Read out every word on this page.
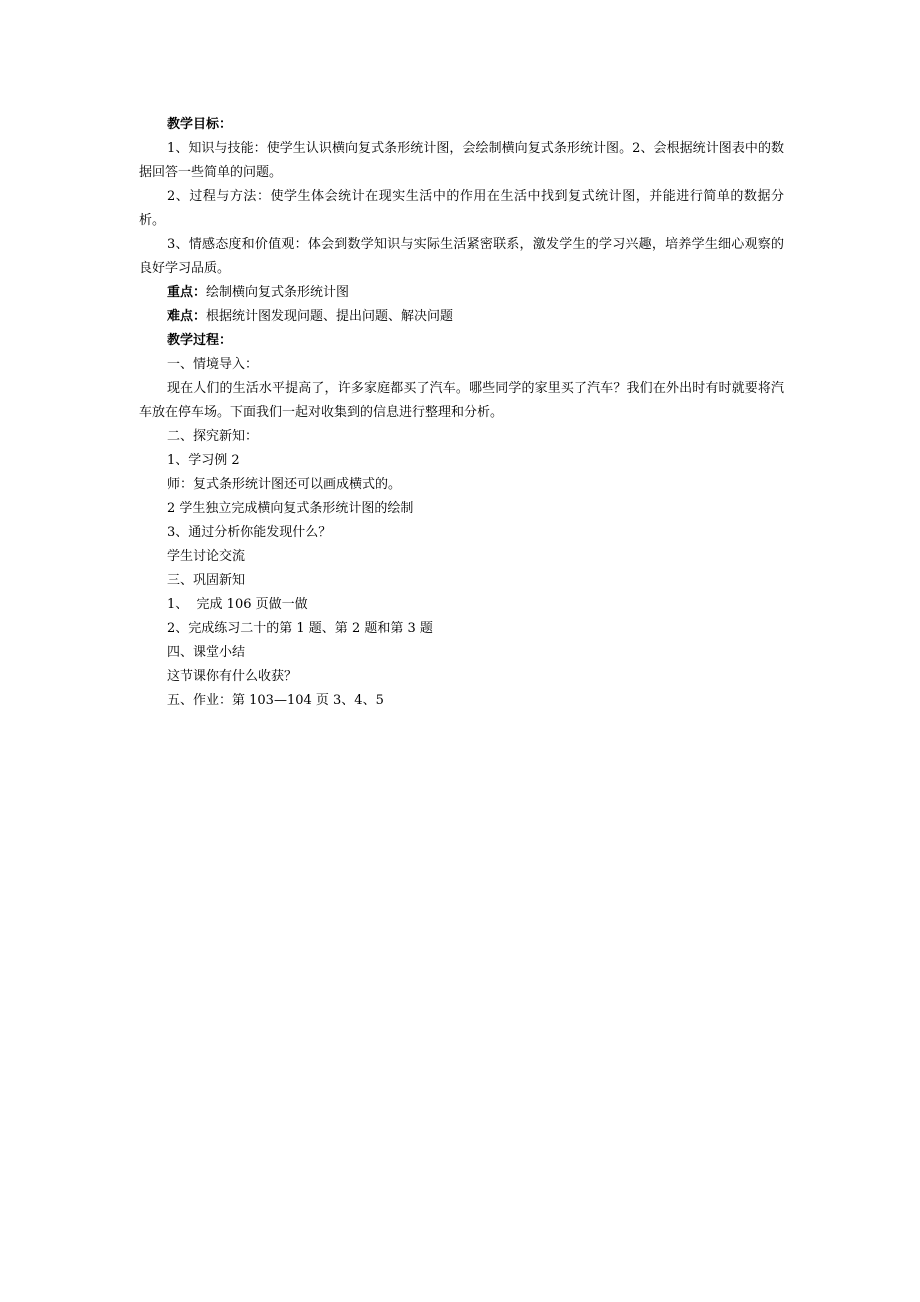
教学目标：
1、知识与技能：使学生认识横向复式条形统计图，会绘制横向复式条形统计图。2、会根据统计图表中的数据回答一些简单的问题。
2、过程与方法：使学生体会统计在现实生活中的作用在生活中找到复式统计图，并能进行简单的数据分析。
3、情感态度和价值观：体会到数学知识与实际生活紧密联系，激发学生的学习兴趣，培养学生细心观察的良好学习品质。
重点：绘制横向复式条形统计图
难点：根据统计图发现问题、提出问题、解决问题
教学过程：
一、情境导入：
现在人们的生活水平提高了，许多家庭都买了汽车。哪些同学的家里买了汽车？我们在外出时有时就要将汽车放在停车场。下面我们一起对收集到的信息进行整理和分析。
二、探究新知：
1、学习例 2
师：复式条形统计图还可以画成横式的。
2 学生独立完成横向复式条形统计图的绘制
3、通过分析你能发现什么？
学生讨论交流
三、巩固新知
1、  完成 106 页做一做
2、完成练习二十的第 1 题、第 2 题和第 3 题
四、课堂小结
这节课你有什么收获？
五、作业：第 103—104 页 3、4、5
